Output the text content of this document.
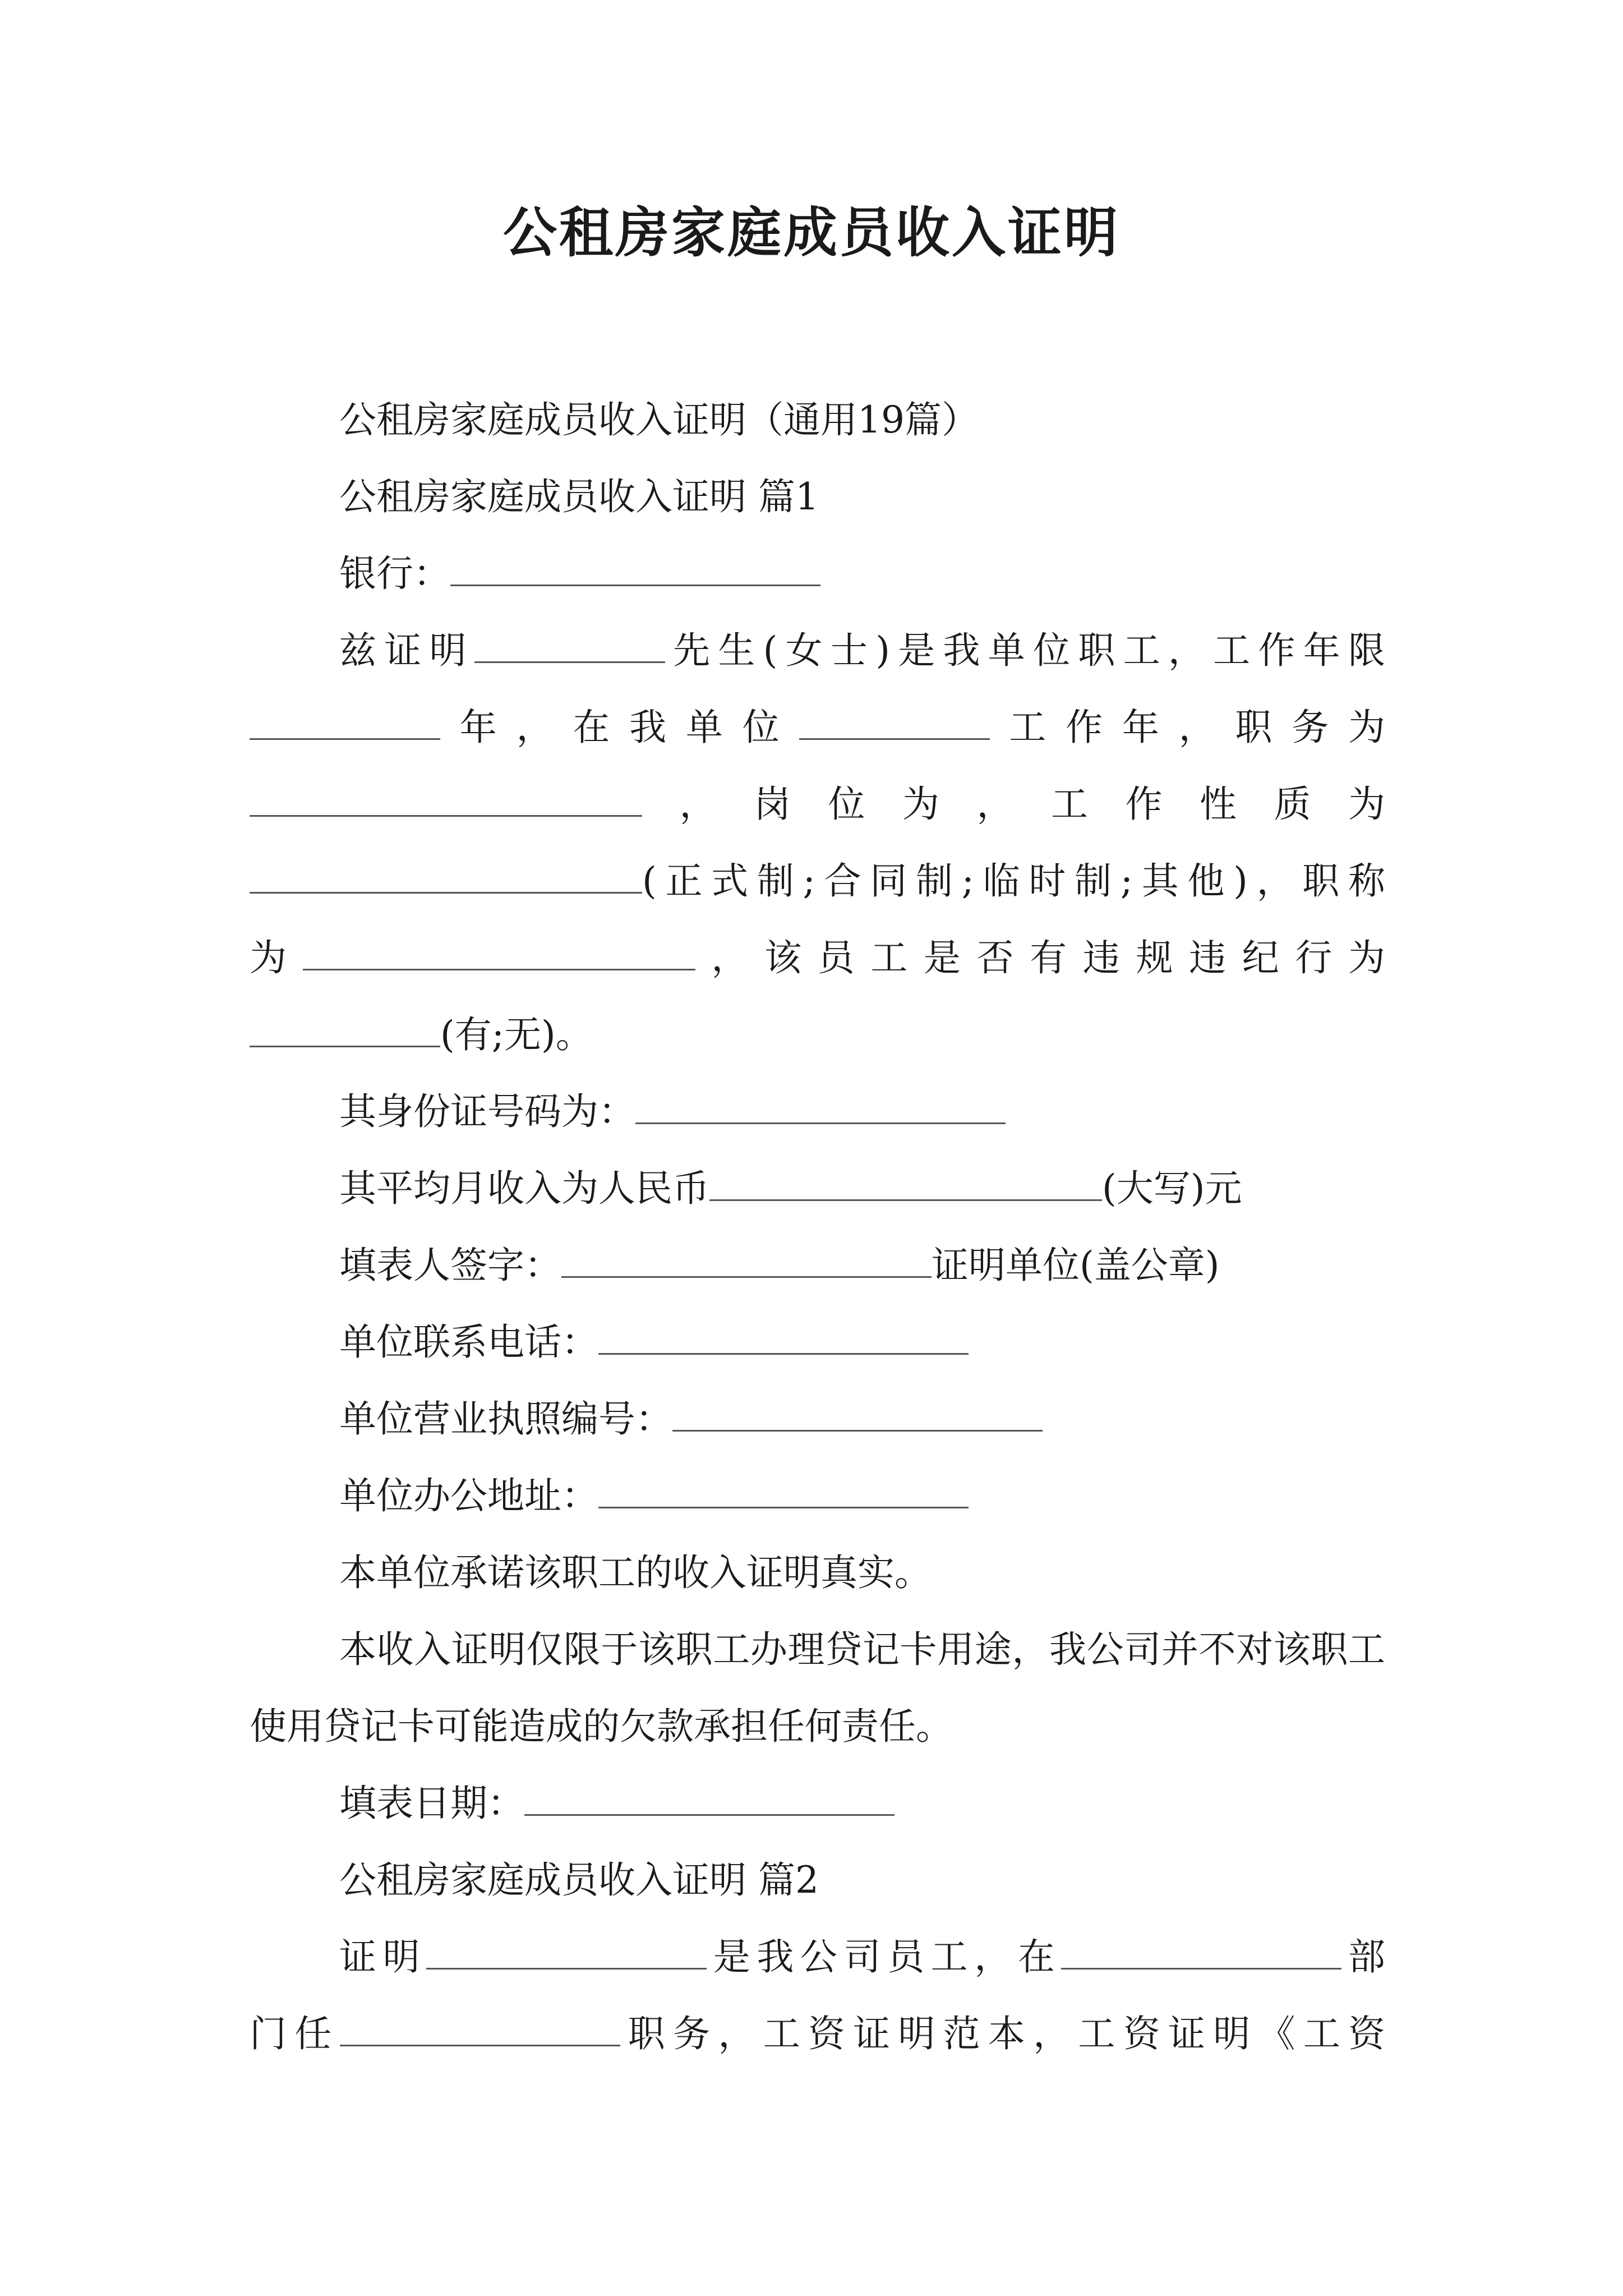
公租房家庭成员收入证明

公租房家庭成员收入证明（通用19篇）

公租房家庭成员收入证明 篇1

银行：

兹证明	先生(女士)是我单位职工，工作年限

年，在我单位	工作年，职务为

，岗位为，工作性质为

(正式制;合同制;临时制;其他)，职称

为	，该员工是否有违规违纪行为

(有;无)。

其身份证号码为：

其平均月收入为人民币	(大写)元

填表人签字：	证明单位(盖公章)

单位联系电话：

单位营业执照编号：

单位办公地址：

本单位承诺该职工的收入证明真实。

本收入证明仅限于该职工办理贷记卡用途，我公司并不对该职工使用贷记卡可能造成的欠款承担任何责任。

填表日期：

公租房家庭成员收入证明 篇2

证明	是我公司员工，在	部

门任	职务，工资证明范本，工资证明《工资
